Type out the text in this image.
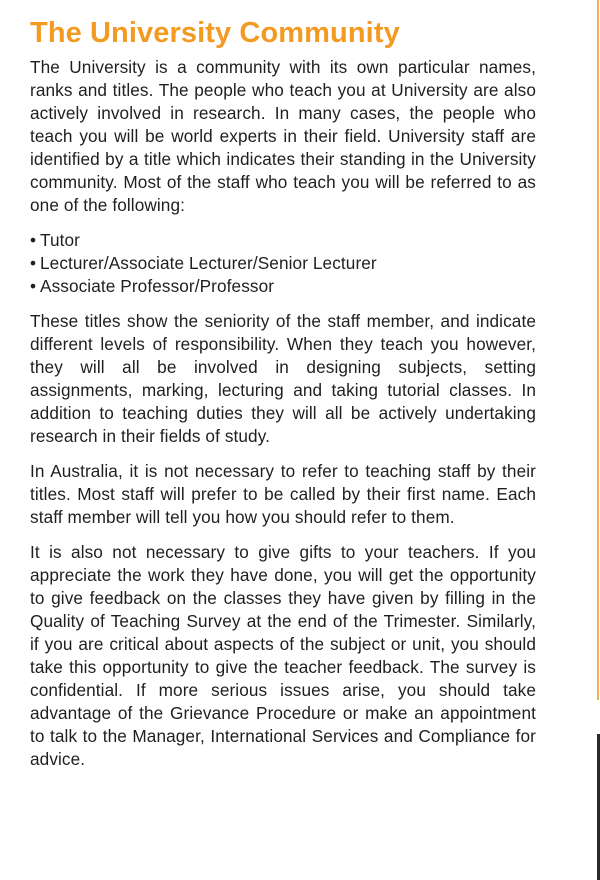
The University Community

The University is a community with its own particular names, ranks and titles. The people who teach you at University are also actively involved in research. In many cases, the people who teach you will be world experts in their field. University staff are identified by a title which indicates their standing in the University community. Most of the staff who teach you will be referred to as one of the following:

• Tutor
• Lecturer/Associate Lecturer/Senior Lecturer
• Associate Professor/Professor

These titles show the seniority of the staff member, and indicate different levels of responsibility. When they teach you however, they will all be involved in designing subjects, setting assignments, marking, lecturing and taking tutorial classes. In addition to teaching duties they will all be actively undertaking research in their fields of study.

In Australia, it is not necessary to refer to teaching staff by their titles. Most staff will prefer to be called by their first name. Each staff member will tell you how you should refer to them.

It is also not necessary to give gifts to your teachers. If you appreciate the work they have done, you will get the opportunity to give feedback on the classes they have given by filling in the Quality of Teaching Survey at the end of the Trimester. Similarly, if you are critical about aspects of the subject or unit, you should take this opportunity to give the teacher feedback. The survey is confidential. If more serious issues arise, you should take advantage of the Grievance Procedure or make an appointment to talk to the Manager, International Services and Compliance for advice.
